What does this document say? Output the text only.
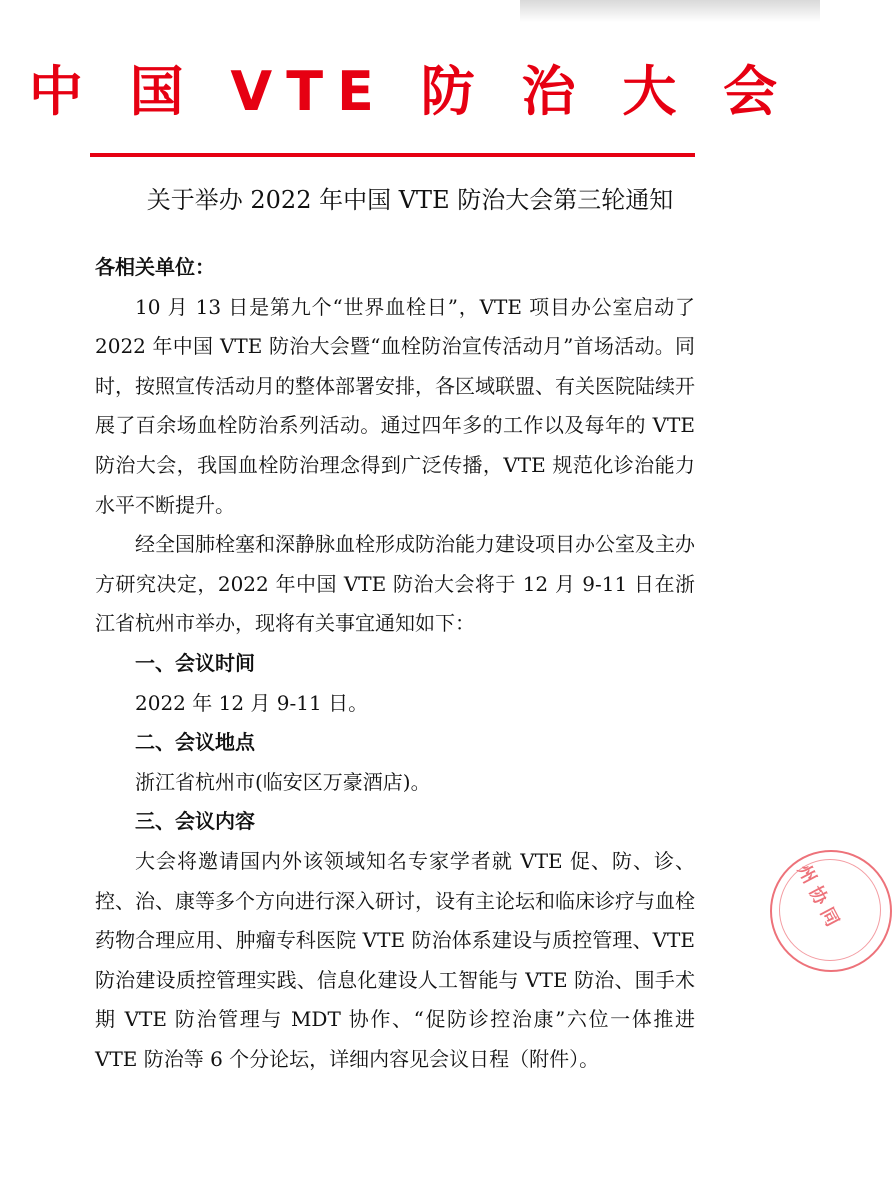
中 国 VTE 防 治 大 会
关于举办 2022 年中国 VTE 防治大会第三轮通知

各相关单位：

10 月 13 日是第九个“世界血栓日”，VTE 项目办公室启动了 2022 年中国 VTE 防治大会暨“血栓防治宣传活动月”首场活动。同时，按照宣传活动月的整体部署安排，各区域联盟、有关医院陆续开展了百余场血栓防治系列活动。通过四年多的工作以及每年的 VTE 防治大会，我国血栓防治理念得到广泛传播，VTE 规范化诊治能力水平不断提升。

经全国肺栓塞和深静脉血栓形成防治能力建设项目办公室及主办方研究决定，2022 年中国 VTE 防治大会将于 12 月 9-11 日在浙江省杭州市举办，现将有关事宜通知如下：

一、会议时间

2022 年 12 月 9-11 日。

二、会议地点

浙江省杭州市(临安区万豪酒店)。

三、会议内容

大会将邀请国内外该领域知名专家学者就 VTE 促、防、诊、控、治、康等多个方向进行深入研讨，设有主论坛和临床诊疗与血栓药物合理应用、肿瘤专科医院 VTE 防治体系建设与质控管理、VTE 防治建设质控管理实践、信息化建设人工智能与 VTE 防治、围手术期 VTE 防治管理与 MDT 协作、“促防诊控治康”六位一体推进 VTE 防治等 6 个分论坛，详细内容见会议日程（附件）。

州 协 同
